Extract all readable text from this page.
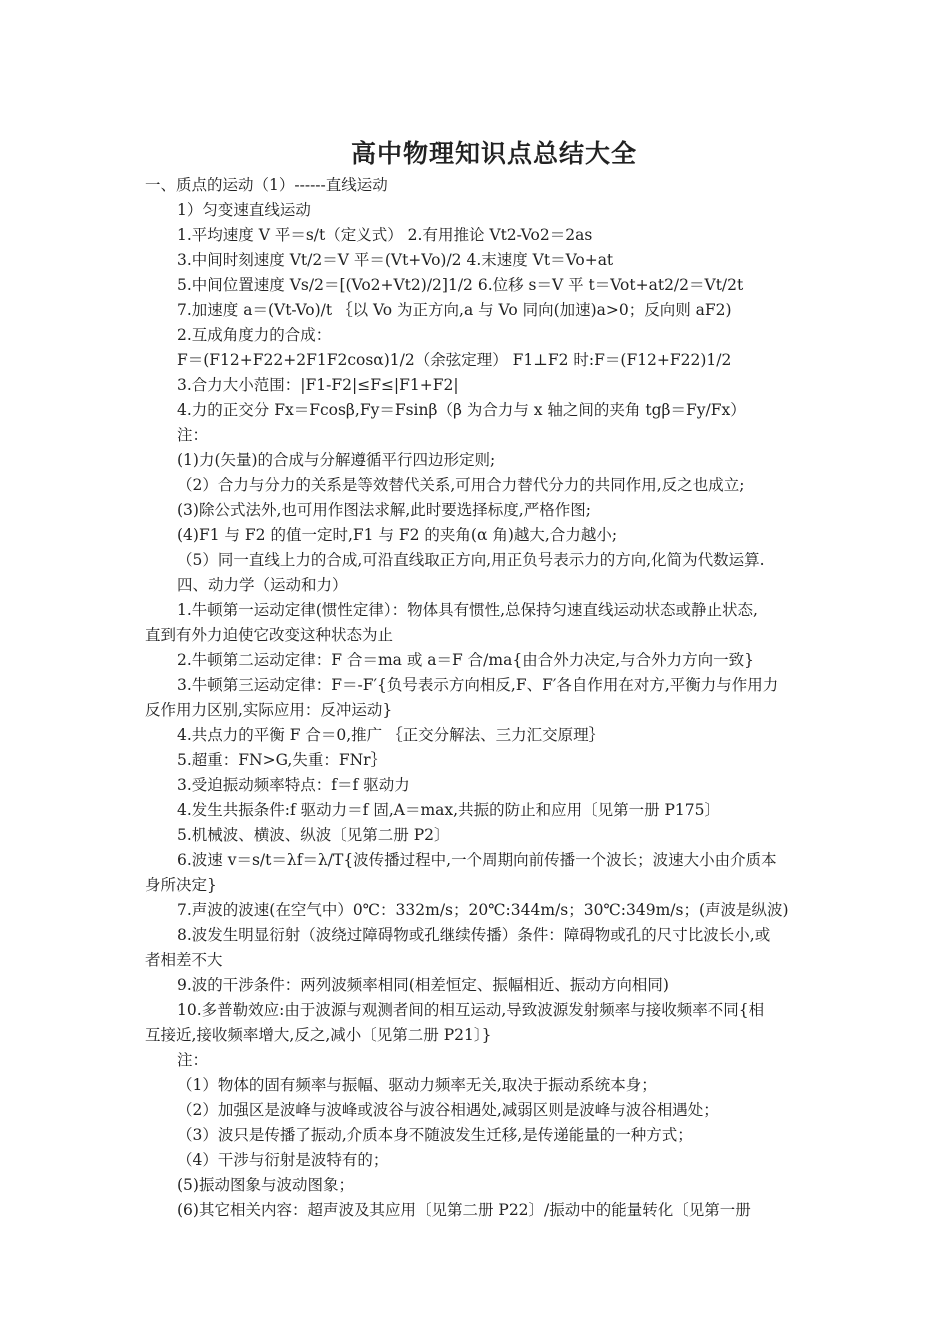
高中物理知识点总结大全
一、质点的运动（1）------直线运动
1）匀变速直线运动
1.平均速度 V 平＝s/t（定义式） 2.有用推论 Vt2-Vo2＝2as
3.中间时刻速度 Vt/2＝V 平＝(Vt+Vo)/2 4.末速度 Vt＝Vo+at
5.中间位置速度 Vs/2＝[(Vo2+Vt2)/2]1/2 6.位移 s＝V 平 t＝Vot+at2/2＝Vt/2t
7.加速度 a＝(Vt-Vo)/t ｛以 Vo 为正方向,a 与 Vo 同向(加速)a>0；反向则 aF2)
2.互成角度力的合成：
F＝(F12+F22+2F1F2cosα)1/2（余弦定理） F1⊥F2 时:F＝(F12+F22)1/2
3.合力大小范围：|F1-F2|≤F≤|F1+F2|
4.力的正交分 Fx＝Fcosβ,Fy＝Fsinβ（β 为合力与 x 轴之间的夹角 tgβ＝Fy/Fx）
注：
(1)力(矢量)的合成与分解遵循平行四边形定则;
（2）合力与分力的关系是等效替代关系,可用合力替代分力的共同作用,反之也成立;
(3)除公式法外,也可用作图法求解,此时要选择标度,严格作图;
(4)F1 与 F2 的值一定时,F1 与 F2 的夹角(α 角)越大,合力越小;
（5）同一直线上力的合成,可沿直线取正方向,用正负号表示力的方向,化简为代数运算.
四、动力学（运动和力）
1.牛顿第一运动定律(惯性定律）：物体具有惯性,总保持匀速直线运动状态或静止状态,
直到有外力迫使它改变这种状态为止
2.牛顿第二运动定律：F 合＝ma 或 a＝F 合/ma{由合外力决定,与合外力方向一致}
3.牛顿第三运动定律：F＝-F′{负号表示方向相反,F、F′各自作用在对方,平衡力与作用力
反作用力区别,实际应用：反冲运动}
4.共点力的平衡 F 合＝0,推广 ｛正交分解法、三力汇交原理｝
5.超重：FN>G,失重：FNr｝
3.受迫振动频率特点：f＝f 驱动力
4.发生共振条件:f 驱动力＝f 固,A＝max,共振的防止和应用〔见第一册 P175〕
5.机械波、横波、纵波〔见第二册 P2〕
6.波速 v＝s/t＝λf＝λ/T{波传播过程中,一个周期向前传播一个波长；波速大小由介质本
身所决定}
7.声波的波速(在空气中）0℃：332m/s；20℃:344m/s；30℃:349m/s；(声波是纵波)
8.波发生明显衍射（波绕过障碍物或孔继续传播）条件：障碍物或孔的尺寸比波长小,或
者相差不大
9.波的干涉条件：两列波频率相同(相差恒定、振幅相近、振动方向相同)
10.多普勒效应:由于波源与观测者间的相互运动,导致波源发射频率与接收频率不同{相
互接近,接收频率增大,反之,减小〔见第二册 P21〕}
注：
（1）物体的固有频率与振幅、驱动力频率无关,取决于振动系统本身；
（2）加强区是波峰与波峰或波谷与波谷相遇处,减弱区则是波峰与波谷相遇处；
（3）波只是传播了振动,介质本身不随波发生迁移,是传递能量的一种方式；
（4）干涉与衍射是波特有的；
(5)振动图象与波动图象；
(6)其它相关内容：超声波及其应用〔见第二册 P22〕/振动中的能量转化〔见第一册
